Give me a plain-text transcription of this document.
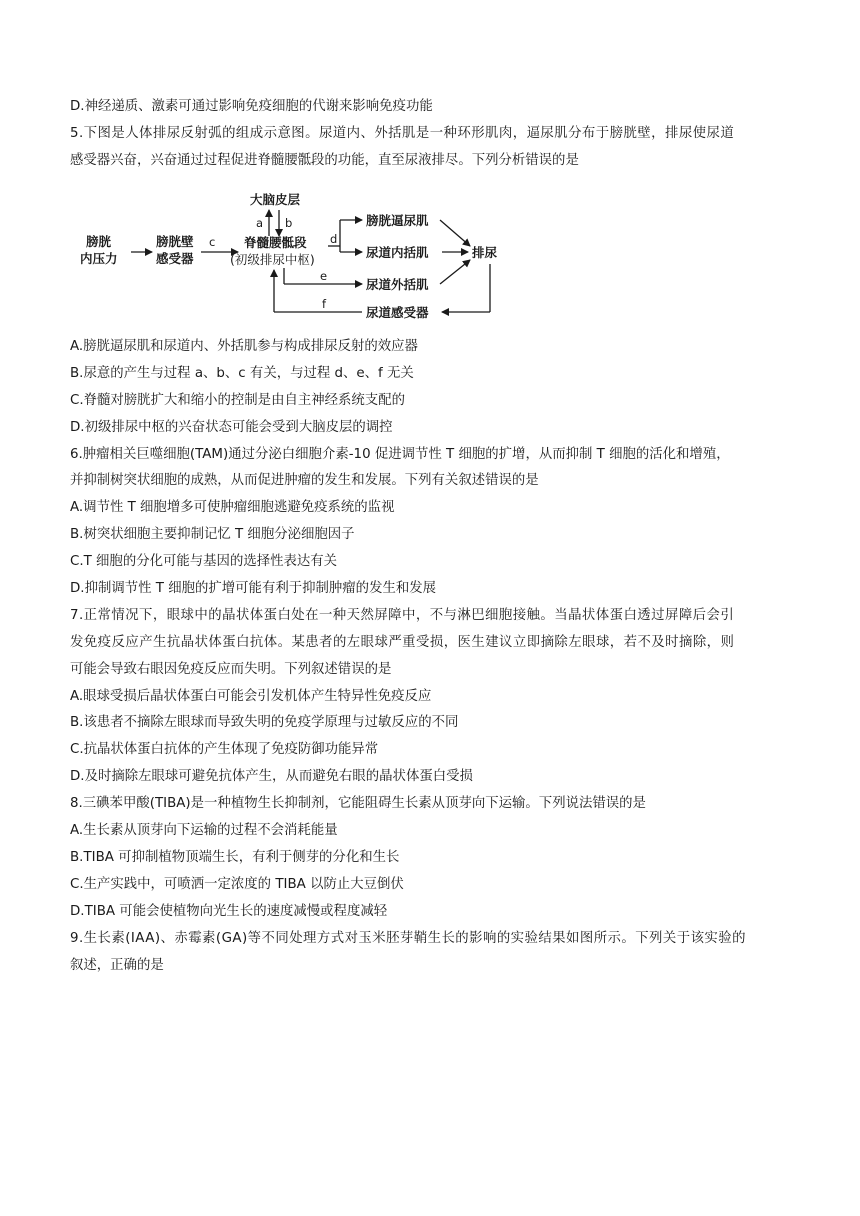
D.神经递质、激素可通过影响免疫细胞的代谢来影响免疫功能
5.下图是人体排尿反射弧的组成示意图。尿道内、外括肌是一种环形肌肉，逼尿肌分布于膀胱壁，排尿使尿道
感受器兴奋，兴奋通过过程促进脊髓腰骶段的功能，直至尿液排尽。下列分析错误的是
膀胱
内压力
膀胱壁
感受器
c
大脑皮层
a b
脊髓腰骶段
(初级排尿中枢)
d
膀胱逼尿肌
尿道内括肌
e
尿道外括肌
排尿
尿道感受器
f
A.膀胱逼尿肌和尿道内、外括肌参与构成排尿反射的效应器
B.尿意的产生与过程 a、b、c 有关，与过程 d、e、f 无关
C.脊髓对膀胱扩大和缩小的控制是由自主神经系统支配的
D.初级排尿中枢的兴奋状态可能会受到大脑皮层的调控
6.肿瘤相关巨噬细胞(TAM)通过分泌白细胞介素-10 促进调节性 T 细胞的扩增，从而抑制 T 细胞的活化和增殖，
并抑制树突状细胞的成熟，从而促进肿瘤的发生和发展。下列有关叙述错误的是
A.调节性 T 细胞增多可使肿瘤细胞逃避免疫系统的监视
B.树突状细胞主要抑制记忆 T 细胞分泌细胞因子
C.T 细胞的分化可能与基因的选择性表达有关
D.抑制调节性 T 细胞的扩增可能有利于抑制肿瘤的发生和发展
7.正常情况下，眼球中的晶状体蛋白处在一种天然屏障中，不与淋巴细胞接触。当晶状体蛋白透过屏障后会引
发免疫反应产生抗晶状体蛋白抗体。某患者的左眼球严重受损，医生建议立即摘除左眼球，若不及时摘除，则
可能会导致右眼因免疫反应而失明。下列叙述错误的是
A.眼球受损后晶状体蛋白可能会引发机体产生特异性免疫反应
B.该患者不摘除左眼球而导致失明的免疫学原理与过敏反应的不同
C.抗晶状体蛋白抗体的产生体现了免疫防御功能异常
D.及时摘除左眼球可避免抗体产生，从而避免右眼的晶状体蛋白受损
8.三碘苯甲酸(TIBA)是一种植物生长抑制剂，它能阻碍生长素从顶芽向下运输。下列说法错误的是
A.生长素从顶芽向下运输的过程不会消耗能量
B.TIBA 可抑制植物顶端生长，有利于侧芽的分化和生长
C.生产实践中，可喷洒一定浓度的 TIBA 以防止大豆倒伏
D.TIBA 可能会使植物向光生长的速度减慢或程度减轻
9.生长素(IAA)、赤霉素(GA)等不同处理方式对玉米胚芽鞘生长的影响的实验结果如图所示。下列关于该实验的
叙述，正确的是
